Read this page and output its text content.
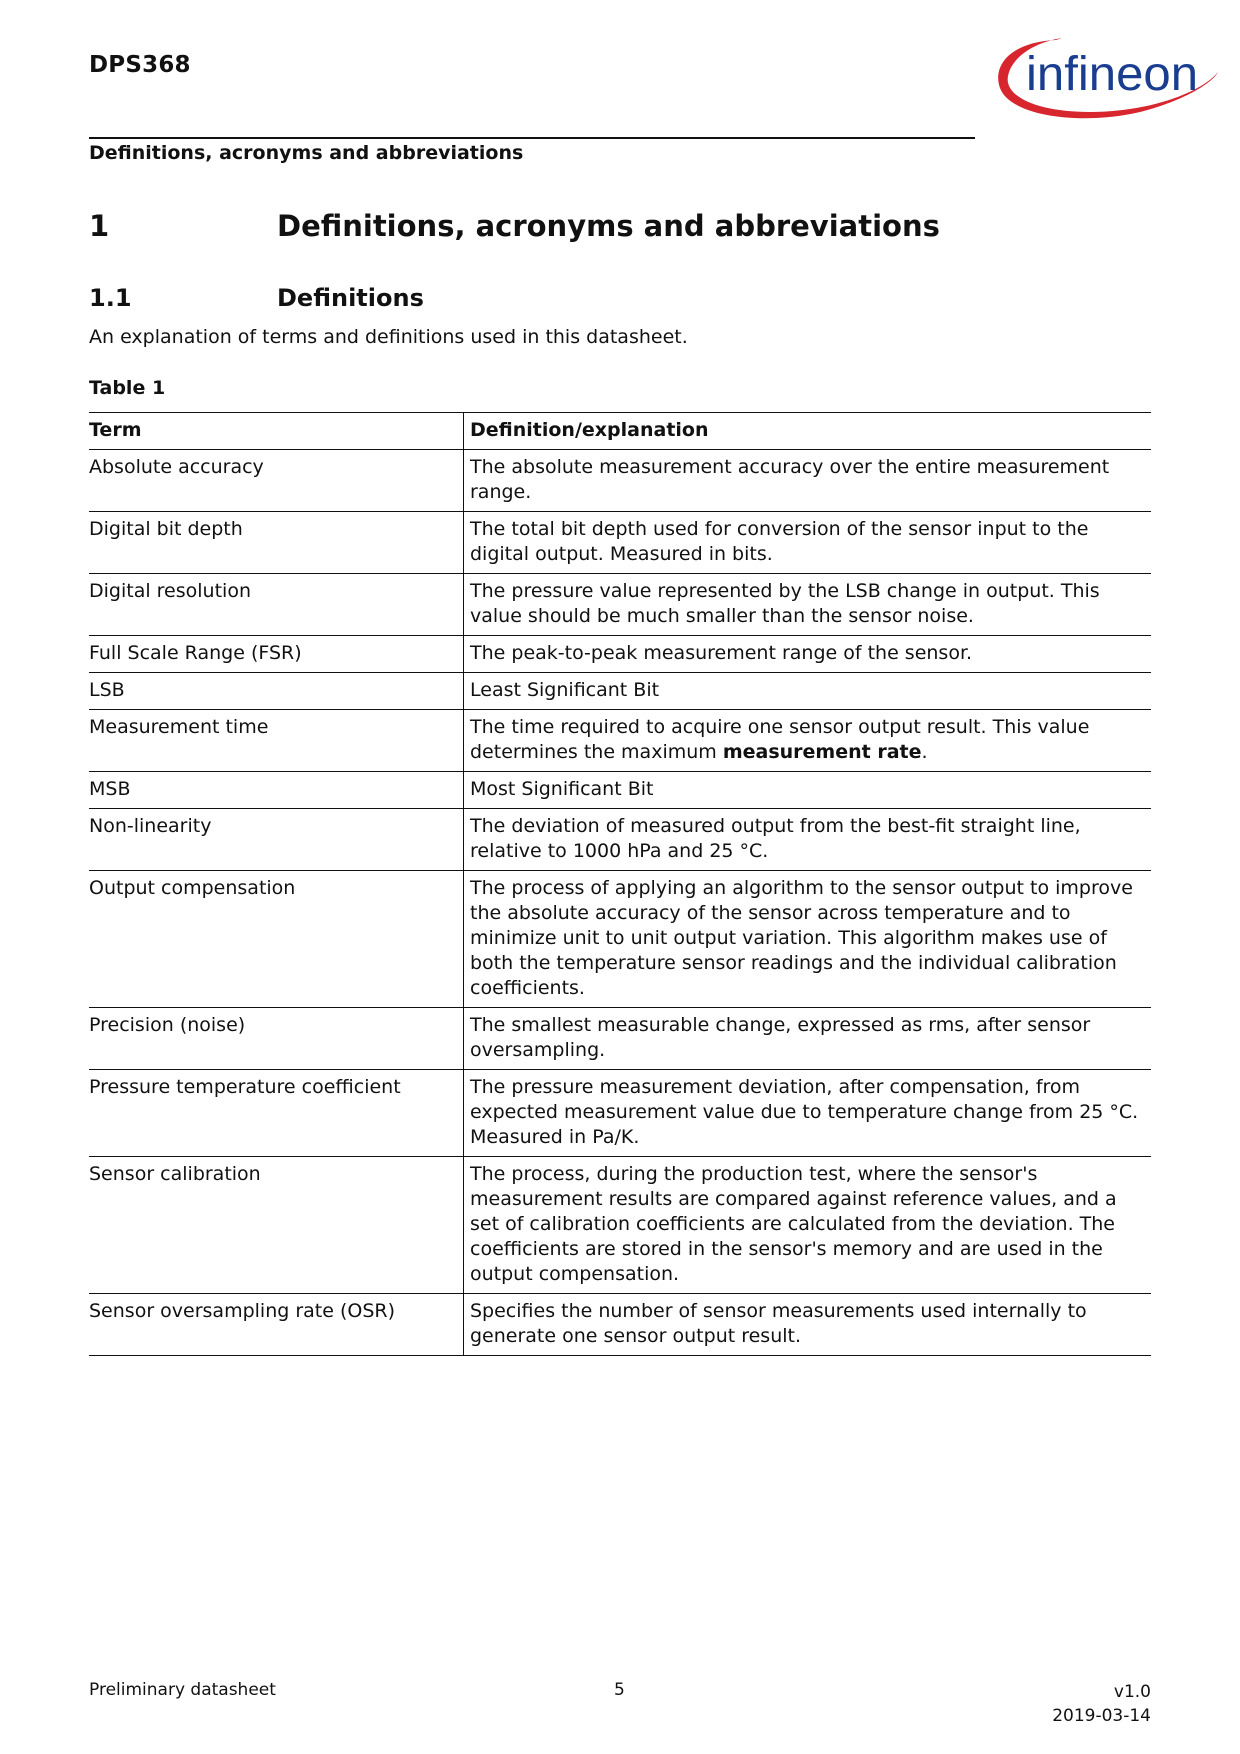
DPS368	infineon
Definitions, acronyms and abbreviations
1	Definitions, acronyms and abbreviations
1.1	Definitions
An explanation of terms and definitions used in this datasheet.
Table 1
Term	Definition/explanation
Absolute accuracy	The absolute measurement accuracy over the entire measurement range.
Digital bit depth	The total bit depth used for conversion of the sensor input to the digital output. Measured in bits.
Digital resolution	The pressure value represented by the LSB change in output. This value should be much smaller than the sensor noise.
Full Scale Range (FSR)	The peak-to-peak measurement range of the sensor.
LSB	Least Significant Bit
Measurement time	The time required to acquire one sensor output result. This value determines the maximum measurement rate.
MSB	Most Significant Bit
Non-linearity	The deviation of measured output from the best-fit straight line, relative to 1000 hPa and 25 °C.
Output compensation	The process of applying an algorithm to the sensor output to improve the absolute accuracy of the sensor across temperature and to minimize unit to unit output variation. This algorithm makes use of both the temperature sensor readings and the individual calibration coefficients.
Precision (noise)	The smallest measurable change, expressed as rms, after sensor oversampling.
Pressure temperature coefficient	The pressure measurement deviation, after compensation, from expected measurement value due to temperature change from 25 °C. Measured in Pa/K.
Sensor calibration	The process, during the production test, where the sensor's measurement results are compared against reference values, and a set of calibration coefficients are calculated from the deviation. The coefficients are stored in the sensor's memory and are used in the output compensation.
Sensor oversampling rate (OSR)	Specifies the number of sensor measurements used internally to generate one sensor output result.
Preliminary datasheet	5	v1.0
2019-03-14
